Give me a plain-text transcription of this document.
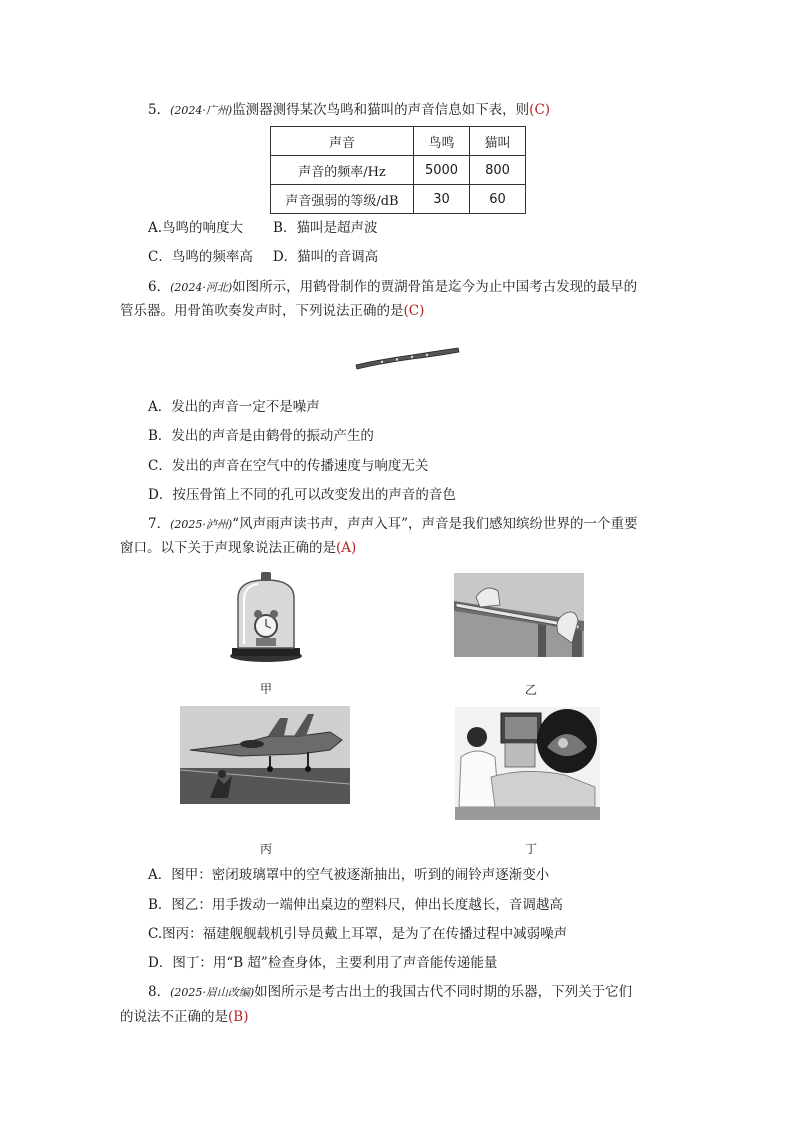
5．(2024·广州)监测器测得某次鸟鸣和猫叫的声音信息如下表，则(C)
声音	鸟鸣	猫叫
声音的频率/Hz	5000	800
声音强弱的等级/dB	30	60
A.鸟鸣的响度大 B．猫叫是超声波
C．鸟鸣的频率高 D．猫叫的音调高
6．(2024·河北)如图所示，用鹤骨制作的贾湖骨笛是迄今为止中国考古发现的最早的
管乐器。用骨笛吹奏发声时，下列说法正确的是(C)
A．发出的声音一定不是噪声
B．发出的声音是由鹤骨的振动产生的
C．发出的声音在空气中的传播速度与响度无关
D．按压骨笛上不同的孔可以改变发出的声音的音色
7．(2025·泸州)“风声雨声读书声，声声入耳”，声音是我们感知缤纷世界的一个重要
窗口。以下关于声现象说法正确的是(A)
甲	乙
丙	丁
A．图甲：密闭玻璃罩中的空气被逐渐抽出，听到的闹铃声逐渐变小
B．图乙：用手拨动一端伸出桌边的塑料尺，伸出长度越长，音调越高
C.图丙：福建舰舰载机引导员戴上耳罩，是为了在传播过程中减弱噪声
D．图丁：用“B 超”检查身体，主要利用了声音能传递能量
8．(2025·眉山改编)如图所示是考古出土的我国古代不同时期的乐器，下列关于它们
的说法不正确的是(B)
